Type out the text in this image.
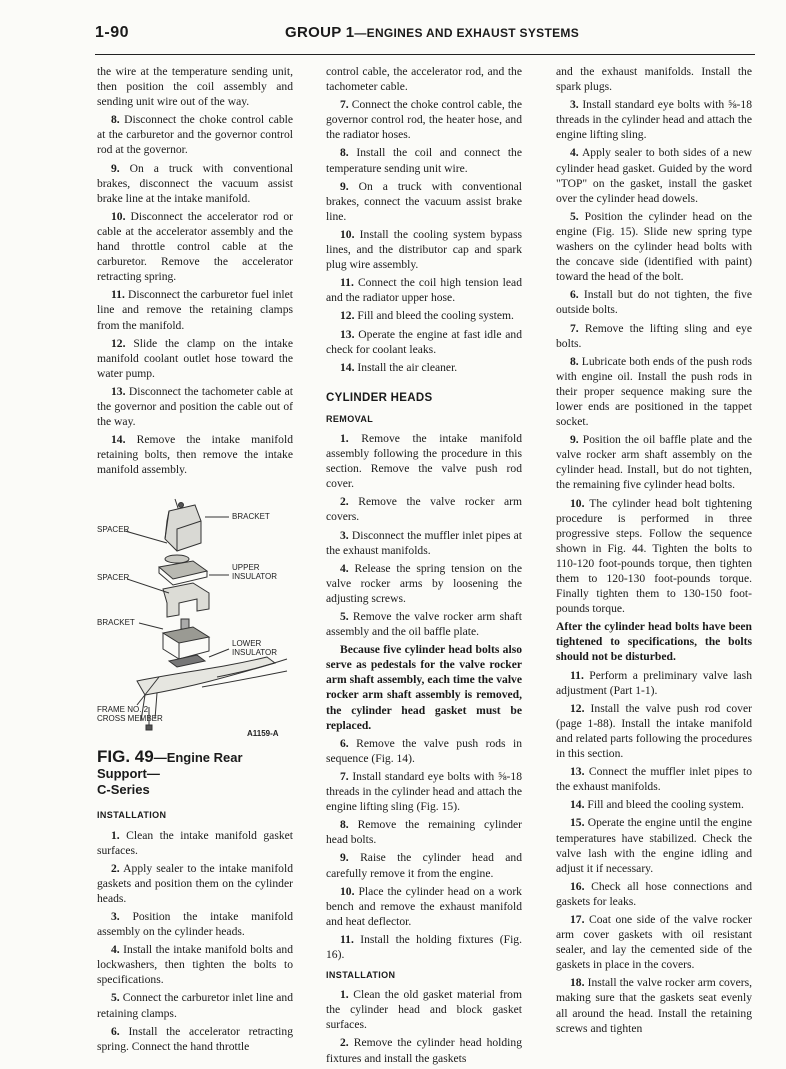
1-90	GROUP 1—ENGINES AND EXHAUST SYSTEMS

the wire at the temperature sending unit, then position the coil assembly and sending unit wire out of the way.

8. Disconnect the choke control cable at the carburetor and the governor control rod at the governor.

9. On a truck with conventional brakes, disconnect the vacuum assist brake line at the intake manifold.

10. Disconnect the accelerator rod or cable at the accelerator assembly and the hand throttle control cable at the carburetor. Remove the accelerator retracting spring.

11. Disconnect the carburetor fuel inlet line and remove the retaining clamps from the manifold.

12. Slide the clamp on the intake manifold coolant outlet hose toward the water pump.

13. Disconnect the tachometer cable at the governor and position the cable out of the way.

14. Remove the intake manifold retaining bolts, then remove the intake manifold assembly.

BRACKET
SPACER
UPPER
INSULATOR
SPACER
BRACKET
LOWER
INSULATOR
FRAME NO. 2
CROSS MEMBER
A1159-A
FIG. 49—Engine Rear Support—
C-Series
INSTALLATION

1. Clean the intake manifold gasket surfaces.

2. Apply sealer to the intake manifold gaskets and position them on the cylinder heads.

3. Position the intake manifold assembly on the cylinder heads.

4. Install the intake manifold bolts and lockwashers, then tighten the bolts to specifications.

5. Connect the carburetor inlet line and retaining clamps.

6. Install the accelerator retracting spring. Connect the hand throttle

control cable, the accelerator rod, and the tachometer cable.

7. Connect the choke control cable, the governor control rod, the heater hose, and the radiator hoses.

8. Install the coil and connect the temperature sending unit wire.

9. On a truck with conventional brakes, connect the vacuum assist brake line.

10. Install the cooling system bypass lines, and the distributor cap and spark plug wire assembly.

11. Connect the coil high tension lead and the radiator upper hose.

12. Fill and bleed the cooling system.

13. Operate the engine at fast idle and check for coolant leaks.

14. Install the air cleaner.

CYLINDER HEADS
REMOVAL

1. Remove the intake manifold assembly following the procedure in this section. Remove the valve push rod cover.

2. Remove the valve rocker arm covers.

3. Disconnect the muffler inlet pipes at the exhaust manifolds.

4. Release the spring tension on the valve rocker arms by loosening the adjusting screws.

5. Remove the valve rocker arm shaft assembly and the oil baffle plate.

Because five cylinder head bolts also serve as pedestals for the valve rocker arm shaft assembly, each time the valve rocker arm shaft assembly is removed, the cylinder head gasket must be replaced.

6. Remove the valve push rods in sequence (Fig. 14).

7. Install standard eye bolts with ⅝-18 threads in the cylinder head and attach the engine lifting sling (Fig. 15).

8. Remove the remaining cylinder head bolts.

9. Raise the cylinder head and carefully remove it from the engine.

10. Place the cylinder head on a work bench and remove the exhaust manifold and heat deflector.

11. Install the holding fixtures (Fig. 16).

INSTALLATION

1. Clean the old gasket material from the cylinder head and block gasket surfaces.

2. Remove the cylinder head holding fixtures and install the gaskets

and the exhaust manifolds. Install the spark plugs.

3. Install standard eye bolts with ⅝-18 threads in the cylinder head and attach the engine lifting sling.

4. Apply sealer to both sides of a new cylinder head gasket. Guided by the word "TOP" on the gasket, install the gasket over the cylinder head dowels.

5. Position the cylinder head on the engine (Fig. 15). Slide new spring type washers on the cylinder head bolts with the concave side (identified with paint) toward the head of the bolt.

6. Install but do not tighten, the five outside bolts.

7. Remove the lifting sling and eye bolts.

8. Lubricate both ends of the push rods with engine oil. Install the push rods in their proper sequence making sure the lower ends are positioned in the tappet socket.

9. Position the oil baffle plate and the valve rocker arm shaft assembly on the cylinder head. Install, but do not tighten, the remaining five cylinder head bolts.

10. The cylinder head bolt tightening procedure is performed in three progressive steps. Follow the sequence shown in Fig. 44. Tighten the bolts to 110-120 foot-pounds torque, then tighten them to 120-130 foot-pounds torque. Finally tighten them to 130-150 foot-pounds torque.

After the cylinder head bolts have been tightened to specifications, the bolts should not be disturbed.

11. Perform a preliminary valve lash adjustment (Part 1-1).

12. Install the valve push rod cover (page 1-88). Install the intake manifold and related parts following the procedures in this section.

13. Connect the muffler inlet pipes to the exhaust manifolds.

14. Fill and bleed the cooling system.

15. Operate the engine until the engine temperatures have stabilized. Check the valve lash with the engine idling and adjust it if necessary.

16. Check all hose connections and gaskets for leaks.

17. Coat one side of the valve rocker arm cover gaskets with oil resistant sealer, and lay the cemented side of the gaskets in place in the covers.

18. Install the valve rocker arm covers, making sure that the gaskets seat evenly all around the head. Install the retaining screws and tighten
